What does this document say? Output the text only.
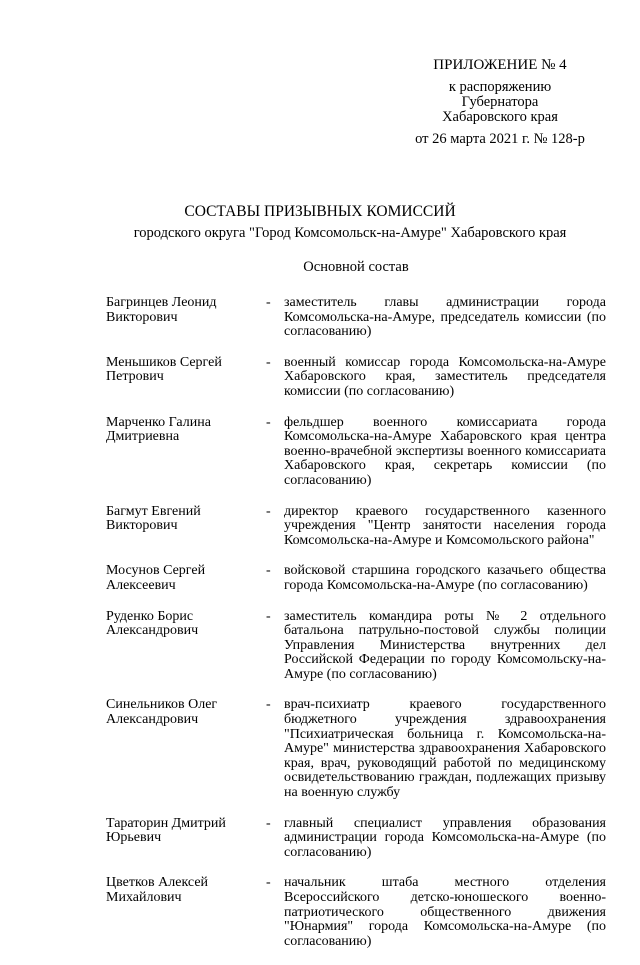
ПРИЛОЖЕНИЕ № 4
к распоряжению
Губернатора
Хабаровского края
от 26 марта 2021 г. № 128-р
СОСТАВЫ ПРИЗЫВНЫХ КОМИССИЙ
городского округа "Город Комсомольск-на-Амуре" Хабаровского края
Основной состав
Багринцев Леонид Викторович
- заместитель главы администрации города Комсомольска-на-Амуре, председатель комиссии (по согласованию)
Меньшиков Сергей Петрович
- военный комиссар города Комсомольска-на-Амуре Хабаровского края, заместитель председателя комиссии (по согласованию)
Марченко Галина Дмитриевна
- фельдшер военного комиссариата города Комсомольска-на-Амуре Хабаровского края центра военно-врачебной экспертизы военного комиссариата Хабаровского края, секретарь комиссии (по согласованию)
Багмут Евгений Викторович
- директор краевого государственного казенного учреждения "Центр занятости населения города Комсомольска-на-Амуре и Комсомольского района"
Мосунов Сергей Алексеевич
- войсковой старшина городского казачьего общества города Комсомольска-на-Амуре (по согласованию)
Руденко Борис Александрович
- заместитель командира роты № 2 отдельного батальона патрульно-постовой службы полиции Управления Министерства внутренних дел Российской Федерации по городу Комсомольску-на-Амуре (по согласованию)
Синельников Олег Александрович
- врач-психиатр краевого государственного бюджетного учреждения здравоохранения "Психиатрическая больница г. Комсомольска-на-Амуре" министерства здравоохранения Хабаровского края, врач, руководящий работой по медицинскому освидетельствованию граждан, подлежащих призыву на военную службу
Тараторин Дмитрий Юрьевич
- главный специалист управления образования администрации города Комсомольска-на-Амуре (по согласованию)
Цветков Алексей Михайлович
- начальник штаба местного отделения Всероссийского детско-юношеского военно-патриотического общественного движения "Юнармия" города Комсомольска-на-Амуре (по согласованию)
